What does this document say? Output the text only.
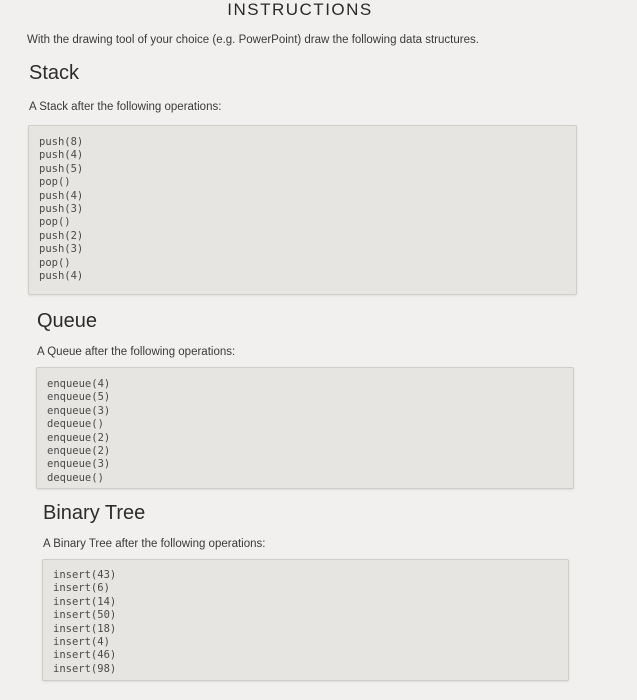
INSTRUCTIONS
With the drawing tool of your choice (e.g. PowerPoint) draw the following data structures.
Stack
A Stack after the following operations:
push(8)
push(4)
push(5)
pop()
push(4)
push(3)
pop()
push(2)
push(3)
pop()
push(4)
Queue
A Queue after the following operations:
enqueue(4)
enqueue(5)
enqueue(3)
dequeue()
enqueue(2)
enqueue(2)
enqueue(3)
dequeue()
Binary Tree
A Binary Tree after the following operations:
insert(43)
insert(6)
insert(14)
insert(50)
insert(18)
insert(4)
insert(46)
insert(98)
